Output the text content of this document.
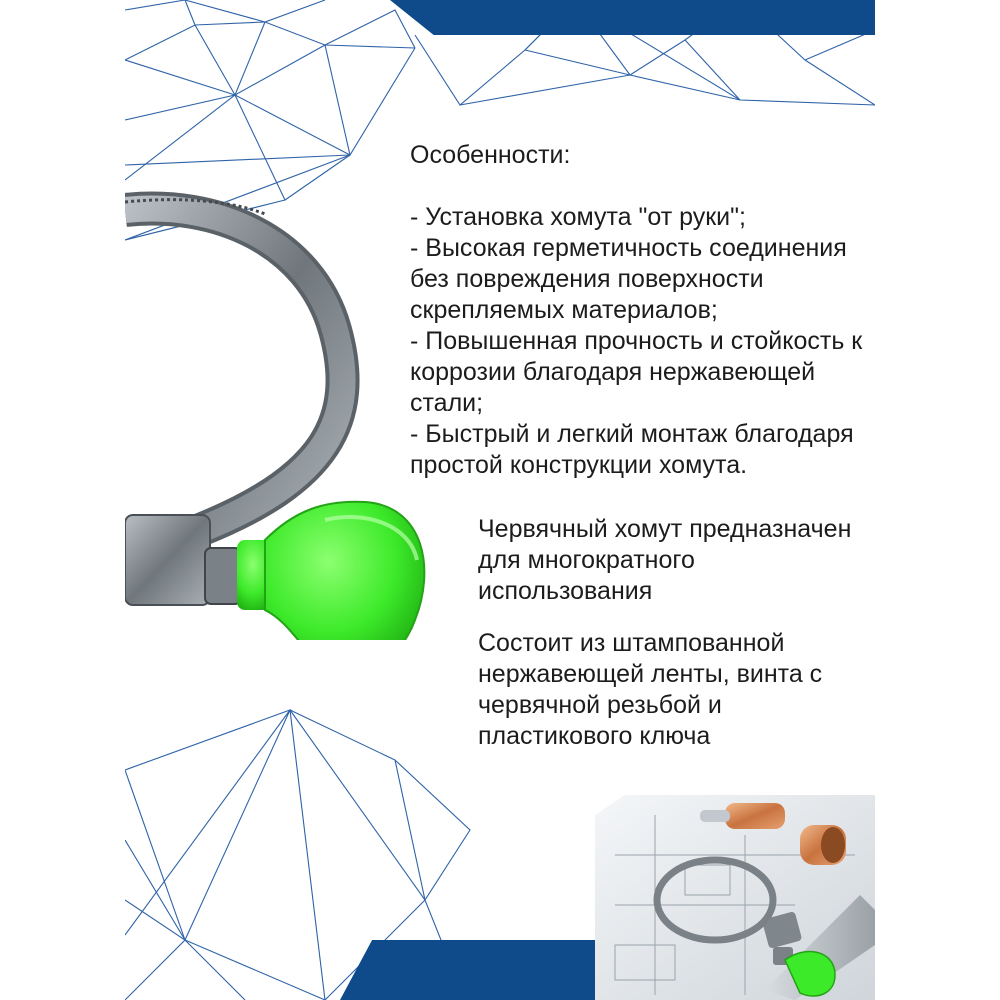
Особенности:
- Установка хомута "от руки";
- Высокая герметичность соединения
без повреждения поверхности
скрепляемых материалов;
- Повышенная прочность и стойкость к
коррозии благодаря нержавеющей
стали;
- Быстрый и легкий монтаж благодаря
простой конструкции хомута.
Червячный хомут предназначен
для многократного
использования
Состоит из штампованной
нержавеющей ленты, винта с
червячной резьбой и
пластикового ключа
